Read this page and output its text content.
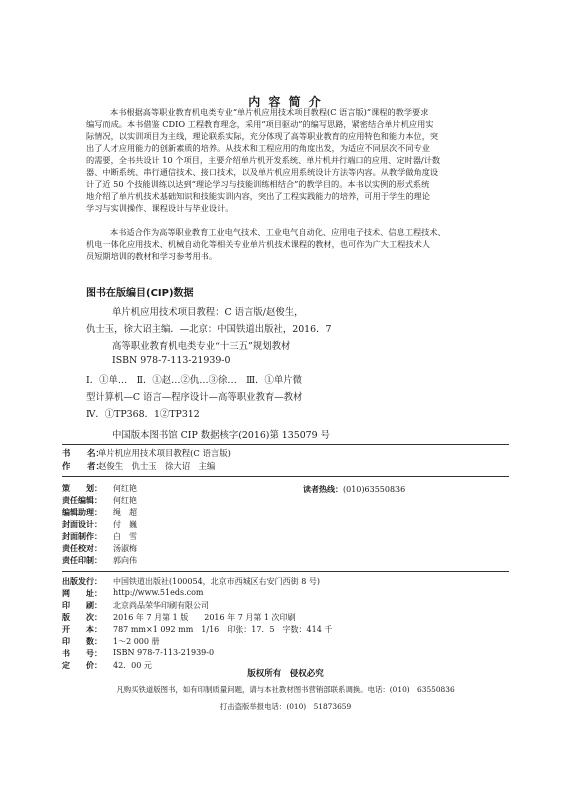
内 容 简 介
本书根据高等职业教育机电类专业“单片机应用技术项目教程(C 语言版)”课程的教学要求
编写而成。本书借鉴 CDIO 工程教育理念，采用“项目驱动”的编写思路，紧密结合单片机应用实
际情况，以实训项目为主线，理论联系实际，充分体现了高等职业教育的应用特色和能力本位，突
出了人才应用能力的创新素质的培养。从技术和工程应用的角度出发，为适应不同层次不同专业
的需要，全书共设计 10 个项目，主要介绍单片机开发系统、单片机并行端口的应用、定时器/计数
器、中断系统、串行通信技术、接口技术，以及单片机应用系统设计方法等内容。从教学做角度设
计了近 50 个技能训练以达到“理论学习与技能训练相结合”的教学目的。本书以实例的形式系统
地介绍了单片机技术基础知识和技能实训内容，突出了工程实践能力的培养，可用于学生的理论
学习与实训操作、课程设计与毕业设计。
本书适合作为高等职业教育工业电气技术、工业电气自动化、应用电子技术、信息工程技术、
机电一体化应用技术、机械自动化等相关专业单片机技术课程的教材，也可作为广大工程技术人
员短期培训的教材和学习参考用书。
图书在版编目(CIP)数据
单片机应用技术项目教程：C 语言版/赵俊生，
仇士玉，徐大诏主编．—北京：中国铁道出版社，2016．7
高等职业教育机电类专业“十三五”规划教材
ISBN 978-7-113-21939-0
Ⅰ．①单…　Ⅱ．①赵…②仇…③徐…　Ⅲ．①单片微
型计算机—C 语言—程序设计—高等职业教育—教材
Ⅳ．①TP368．1②TP312
中国版本图书馆 CIP 数据核字(2016)第 135079 号
书　　名：
单片机应用技术项目教程(C 语言版)
作　　者：
赵俊生　仇士玉　徐大诏　主编
策　　划： 何红艳
责任编辑： 何红艳
编辑助理： 绳　超
封面设计： 付　巍
封面制作： 白　雪
责任校对： 汤淑梅
责任印制： 郭向伟
读者热线：(010)63550836
出版发行： 中国铁道出版社(100054，北京市西城区右安门西街 8 号)
网　　址： http://www.51eds.com
印　　刷： 北京尚品荣华印刷有限公司
版　　次： 2016 年 7 月第 1 版　　2016 年 7 月第 1 次印刷
开　　本： 787 mm×1 092 mm　1/16　印张：17．5　字数：414 千
印　　数： 1～2 000 册
书　　号： ISBN 978-7-113-21939-0
定　　价： 42．00 元
版权所有　侵权必究
凡购买铁道版图书，如有印制质量问题，请与本社教材图书营销部联系调换。电话：(010)　63550836
打击盗版举报电话：(010)　51873659
